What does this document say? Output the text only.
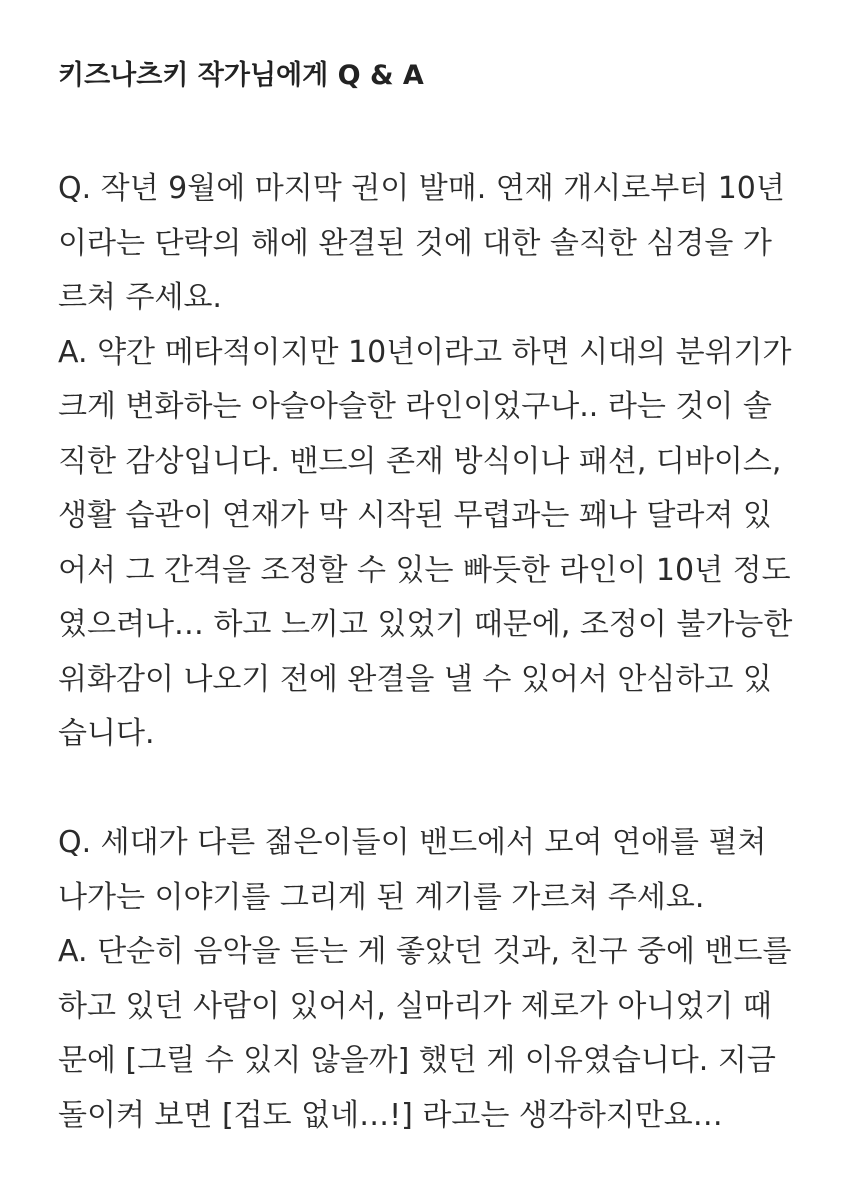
키즈나츠키 작가님에게 Q & A

Q. 작년 9월에 마지막 권이 발매. 연재 개시로부터 10년

이라는 단락의 해에 완결된 것에 대한 솔직한 심경을 가

르쳐 주세요.

A. 약간 메타적이지만 10년이라고 하면 시대의 분위기가

크게 변화하는 아슬아슬한 라인이었구나.. 라는 것이 솔

직한 감상입니다. 밴드의 존재 방식이나 패션, 디바이스,

생활 습관이 연재가 막 시작된 무렵과는 꽤나 달라져 있

어서 그 간격을 조정할 수 있는 빠듯한 라인이 10년 정도

였으려나… 하고 느끼고 있었기 때문에, 조정이 불가능한

위화감이 나오기 전에 완결을 낼 수 있어서 안심하고 있

습니다.

Q. 세대가 다른 젊은이들이 밴드에서 모여 연애를 펼쳐

나가는 이야기를 그리게 된 계기를 가르쳐 주세요.

A. 단순히 음악을 듣는 게 좋았던 것과, 친구 중에 밴드를

하고 있던 사람이 있어서, 실마리가 제로가 아니었기 때

문에 [그릴 수 있지 않을까] 했던 게 이유였습니다. 지금

돌이켜 보면 [겁도 없네…!] 라고는 생각하지만요…
